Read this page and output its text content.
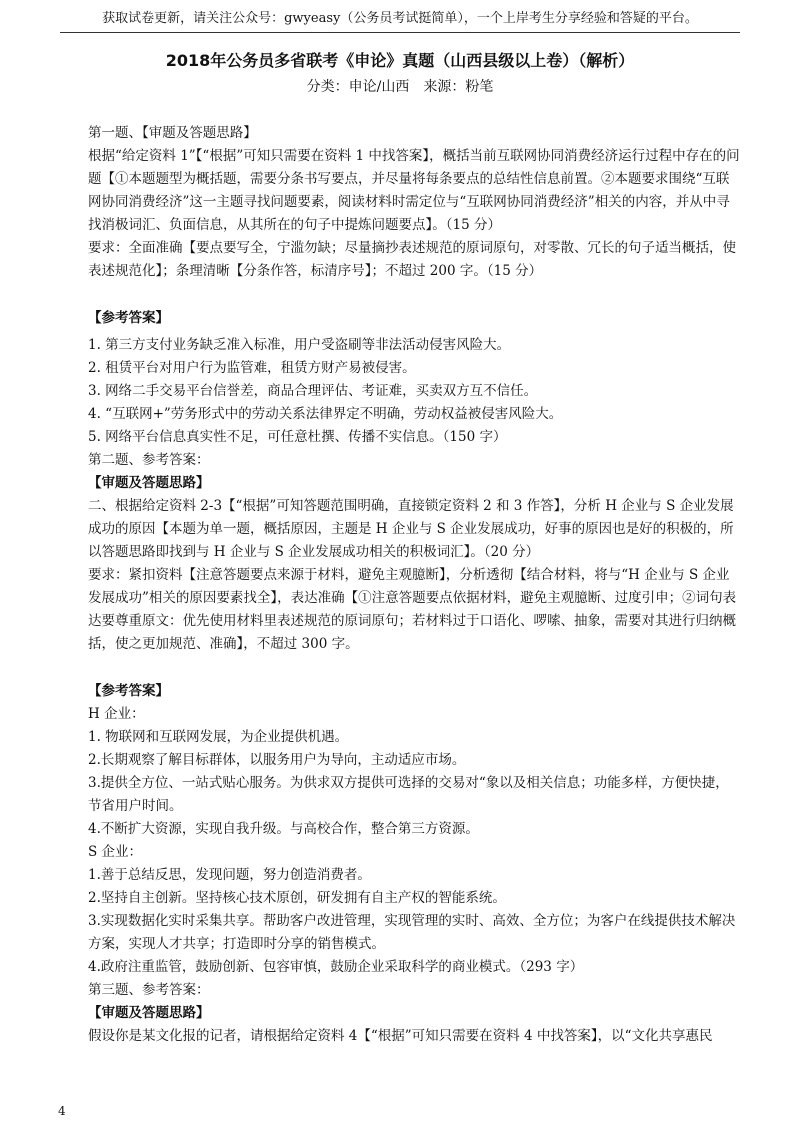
获取试卷更新，请关注公众号：gwyeasy（公务员考试挺简单），一个上岸考生分享经验和答疑的平台。
2018年公务员多省联考《申论》真题（山西县级以上卷）（解析）
分类：申论/山西　来源：粉笔

第一题、【审题及答题思路】

根据“给定资料 1”【“根据”可知只需要在资料 1 中找答案】，概括当前互联网协同消费经济运行过程中存在的问题【①本题题型为概括题，需要分条书写要点，并尽量将每条要点的总结性信息前置。②本题要求围绕“互联网协同消费经济”这一主题寻找问题要素，阅读材料时需定位与“互联网协同消费经济”相关的内容，并从中寻找消极词汇、负面信息，从其所在的句子中提炼问题要点】。（15 分）

要求：全面准确【要点要写全，宁滥勿缺；尽量摘抄表述规范的原词原句，对零散、冗长的句子适当概括，使表述规范化】；条理清晰【分条作答，标清序号】；不超过 200 字。（15 分）

【参考答案】

1. 第三方支付业务缺乏准入标准，用户受盗刷等非法活动侵害风险大。

2. 租赁平台对用户行为监管难，租赁方财产易被侵害。

3. 网络二手交易平台信誉差，商品合理评估、考证难，买卖双方互不信任。

4. “互联网+”劳务形式中的劳动关系法律界定不明确，劳动权益被侵害风险大。

5. 网络平台信息真实性不足，可任意杜撰、传播不实信息。（150 字）

第二题、参考答案：

【审题及答题思路】

二、根据给定资料 2-3【“根据”可知答题范围明确，直接锁定资料 2 和 3 作答】，分析 H 企业与 S 企业发展成功的原因【本题为单一题，概括原因，主题是 H 企业与 S 企业发展成功，好事的原因也是好的积极的，所以答题思路即找到与 H 企业与 S 企业发展成功相关的积极词汇】。（20 分）

要求：紧扣资料【注意答题要点来源于材料，避免主观臆断】，分析透彻【结合材料，将与“H 企业与 S 企业发展成功”相关的原因要素找全】，表达准确【①注意答题要点依据材料，避免主观臆断、过度引申；②词句表达要尊重原文：优先使用材料里表述规范的原词原句；若材料过于口语化、啰嗦、抽象，需要对其进行归纳概括，使之更加规范、准确】，不超过 300 字。

【参考答案】

H 企业：

1. 物联网和互联网发展，为企业提供机遇。

2.长期观察了解目标群体，以服务用户为导向，主动适应市场。

3.提供全方位、一站式贴心服务。为供求双方提供可选择的交易对“象以及相关信息；功能多样，方便快捷，节省用户时间。

4.不断扩大资源，实现自我升级。与高校合作，整合第三方资源。

S 企业：

1.善于总结反思，发现问题，努力创造消费者。

2.坚持自主创新。坚持核心技术原创，研发拥有自主产权的智能系统。

3.实现数据化实时采集共享。帮助客户改进管理，实现管理的实时、高效、全方位；为客户在线提供技术解决方案，实现人才共享；打造即时分享的销售模式。

4.政府注重监管，鼓励创新、包容审慎，鼓励企业采取科学的商业模式。（293 字）

第三题、参考答案：

【审题及答题思路】

假设你是某文化报的记者，请根据给定资料 4【“根据”可知只需要在资料 4 中找答案】，以“文化共享惠民

4
